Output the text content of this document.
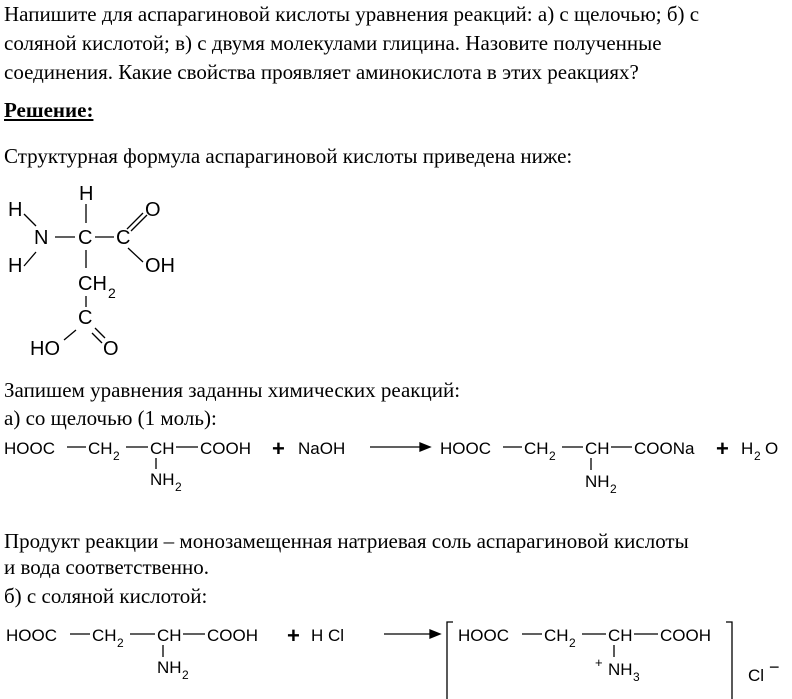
Напишите для аспарагиновой кислоты уравнения реакций: а) с щелочью; б) с
соляной кислотой; в) с двумя молекулами глицина. Назовите полученные
соединения. Какие свойства проявляет аминокислота в этих реакциях?
Решение:
Структурная формула аспарагиновой кислоты приведена ниже:
H
H
H
N C C
O
OH
CH 2
C
HO O
Запишем уравнения заданны химических реакций:
а) со щелочью (1 моль):
HOOC CH 2 CH COOH
NH 2
+ NaOH	HOOC CH 2 CH COONa
NH 2
+ H 2 O
Продукт реакции – монозамещенная натриевая соль аспарагиновой кислоты
и вода соответственно.
б) с соляной кислотой:
HOOC CH 2 CH COOH
NH 2
+ H Cl	HOOC CH 2 CH COOH
+ NH 3	Cl −
